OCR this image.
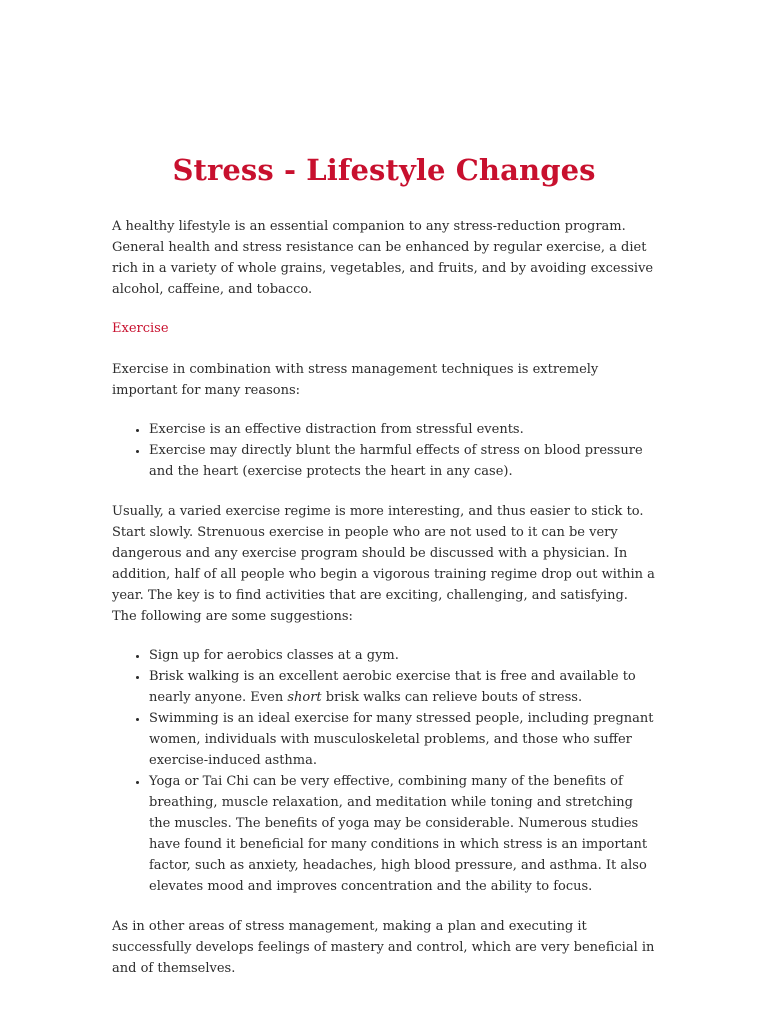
Stress - Lifestyle Changes

A healthy lifestyle is an essential companion to any stress-reduction program. General health and stress resistance can be enhanced by regular exercise, a diet rich in a variety of whole grains, vegetables, and fruits, and by avoiding excessive alcohol, caffeine, and tobacco.

Exercise

Exercise in combination with stress management techniques is extremely important for many reasons:

• Exercise is an effective distraction from stressful events.
• Exercise may directly blunt the harmful effects of stress on blood pressure and the heart (exercise protects the heart in any case).

Usually, a varied exercise regime is more interesting, and thus easier to stick to. Start slowly. Strenuous exercise in people who are not used to it can be very dangerous and any exercise program should be discussed with a physician. In addition, half of all people who begin a vigorous training regime drop out within a year. The key is to find activities that are exciting, challenging, and satisfying. The following are some suggestions:

• Sign up for aerobics classes at a gym.
• Brisk walking is an excellent aerobic exercise that is free and available to nearly anyone. Even short brisk walks can relieve bouts of stress.
• Swimming is an ideal exercise for many stressed people, including pregnant women, individuals with musculoskeletal problems, and those who suffer exercise-induced asthma.
• Yoga or Tai Chi can be very effective, combining many of the benefits of breathing, muscle relaxation, and meditation while toning and stretching the muscles. The benefits of yoga may be considerable. Numerous studies have found it beneficial for many conditions in which stress is an important factor, such as anxiety, headaches, high blood pressure, and asthma. It also elevates mood and improves concentration and the ability to focus.

As in other areas of stress management, making a plan and executing it successfully develops feelings of mastery and control, which are very beneficial in and of themselves.
